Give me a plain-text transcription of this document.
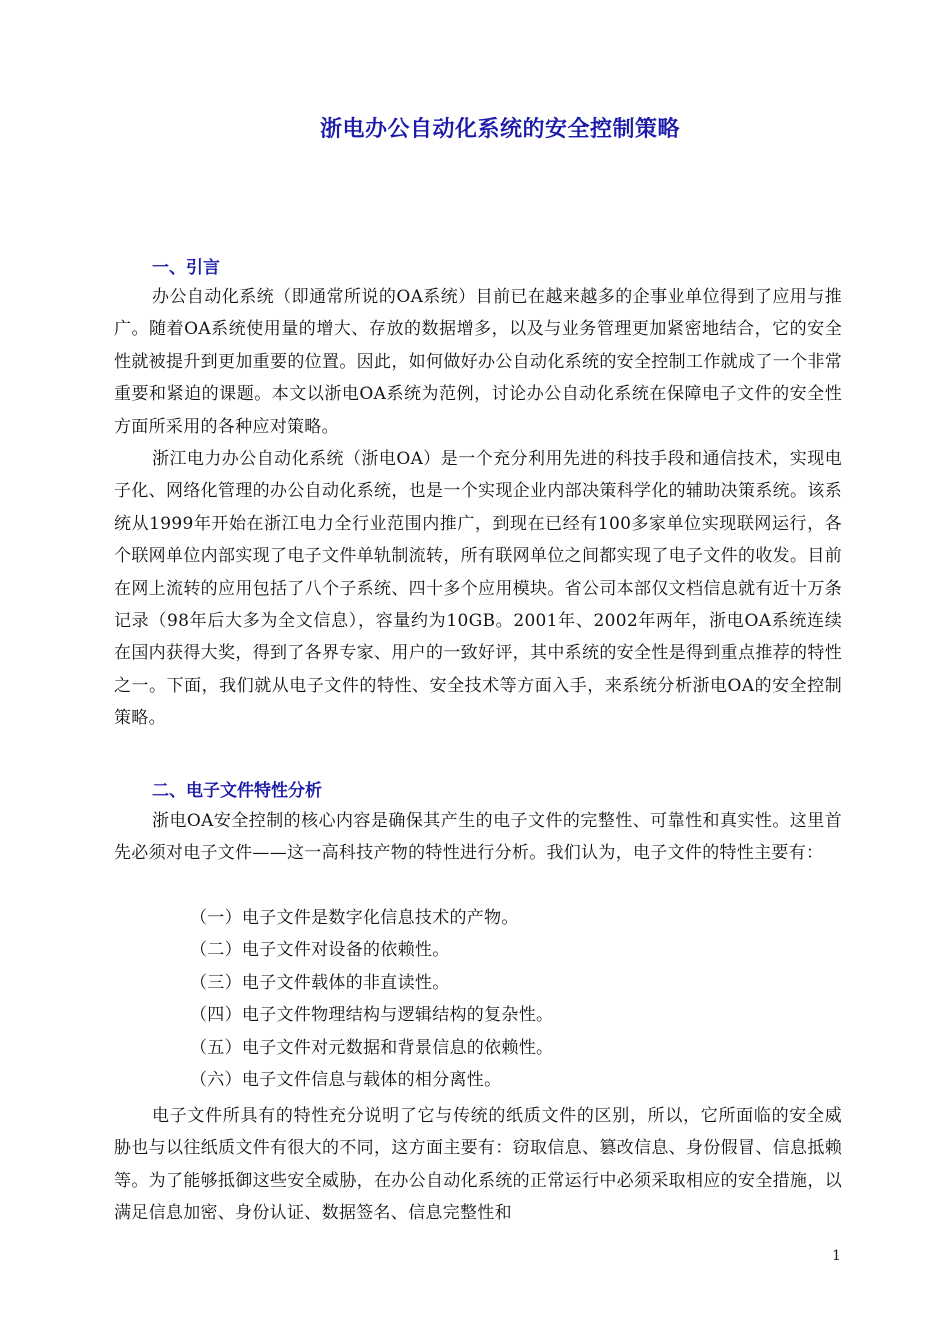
浙电办公自动化系统的安全控制策略
一、引言
办公自动化系统（即通常所说的OA系统）目前已在越来越多的企事业单位得到了应用与推广。随着OA系统使用量的增大、存放的数据增多，以及与业务管理更加紧密地结合，它的安全性就被提升到更加重要的位置。因此，如何做好办公自动化系统的安全控制工作就成了一个非常重要和紧迫的课题。本文以浙电OA系统为范例，讨论办公自动化系统在保障电子文件的安全性方面所采用的各种应对策略。
浙江电力办公自动化系统（浙电OA）是一个充分利用先进的科技手段和通信技术，实现电子化、网络化管理的办公自动化系统，也是一个实现企业内部决策科学化的辅助决策系统。该系统从1999年开始在浙江电力全行业范围内推广，到现在已经有100多家单位实现联网运行，各个联网单位内部实现了电子文件单轨制流转，所有联网单位之间都实现了电子文件的收发。目前在网上流转的应用包括了八个子系统、四十多个应用模块。省公司本部仅文档信息就有近十万条记录（98年后大多为全文信息），容量约为10GB。2001年、2002年两年，浙电OA系统连续在国内获得大奖，得到了各界专家、用户的一致好评，其中系统的安全性是得到重点推荐的特性之一。下面，我们就从电子文件的特性、安全技术等方面入手，来系统分析浙电OA的安全控制策略。
二、电子文件特性分析
浙电OA安全控制的核心内容是确保其产生的电子文件的完整性、可靠性和真实性。这里首先必须对电子文件——这一高科技产物的特性进行分析。我们认为，电子文件的特性主要有：
（一）电子文件是数字化信息技术的产物。
（二）电子文件对设备的依赖性。
（三）电子文件载体的非直读性。
（四）电子文件物理结构与逻辑结构的复杂性。
（五）电子文件对元数据和背景信息的依赖性。
（六）电子文件信息与载体的相分离性。
电子文件所具有的特性充分说明了它与传统的纸质文件的区别，所以，它所面临的安全威胁也与以往纸质文件有很大的不同，这方面主要有：窃取信息、篡改信息、身份假冒、信息抵赖等。为了能够抵御这些安全威胁，在办公自动化系统的正常运行中必须采取相应的安全措施，以满足信息加密、身份认证、数据签名、信息完整性和
1
